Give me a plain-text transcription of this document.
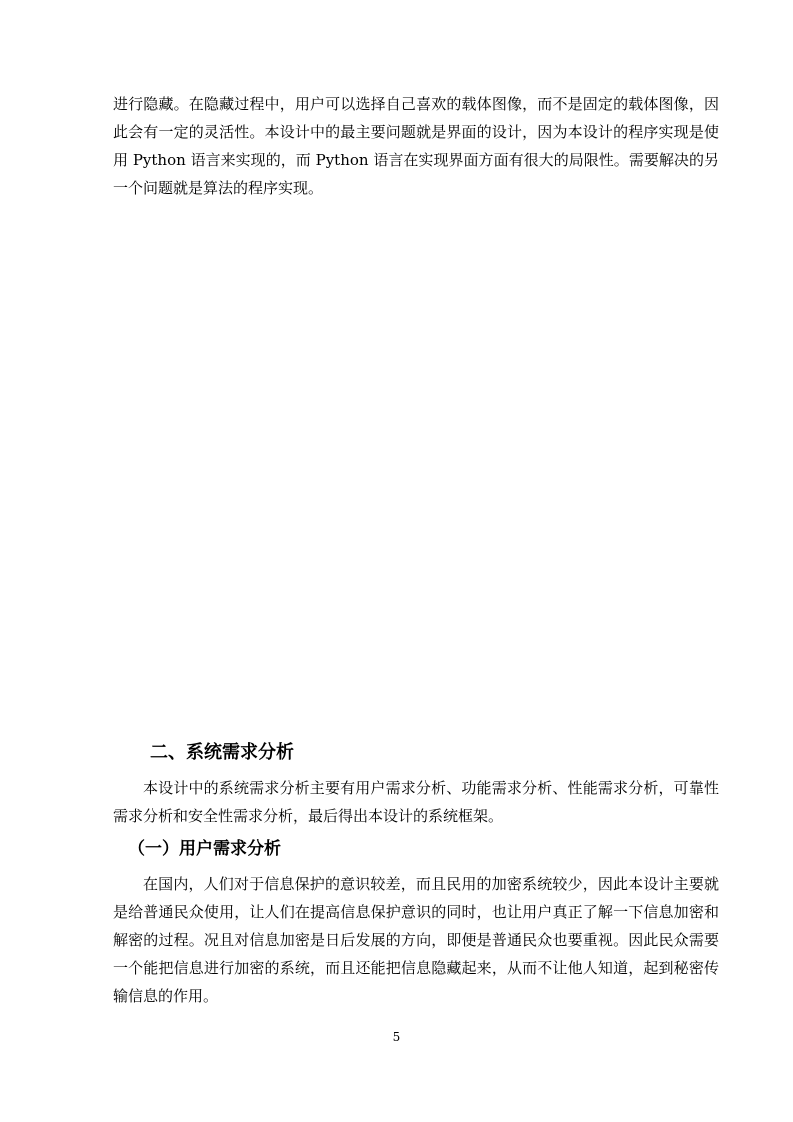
进行隐藏。在隐藏过程中，用户可以选择自己喜欢的载体图像，而不是固定的载体图像，因此会有一定的灵活性。本设计中的最主要问题就是界面的设计，因为本设计的程序实现是使用 Python 语言来实现的，而 Python 语言在实现界面方面有很大的局限性。需要解决的另一个问题就是算法的程序实现。

二、系统需求分析

本设计中的系统需求分析主要有用户需求分析、功能需求分析、性能需求分析，可靠性需求分析和安全性需求分析，最后得出本设计的系统框架。

（一）用户需求分析

在国内，人们对于信息保护的意识较差，而且民用的加密系统较少，因此本设计主要就是给普通民众使用，让人们在提高信息保护意识的同时，也让用户真正了解一下信息加密和解密的过程。况且对信息加密是日后发展的方向，即便是普通民众也要重视。因此民众需要一个能把信息进行加密的系统，而且还能把信息隐藏起来，从而不让他人知道，起到秘密传输信息的作用。

5
